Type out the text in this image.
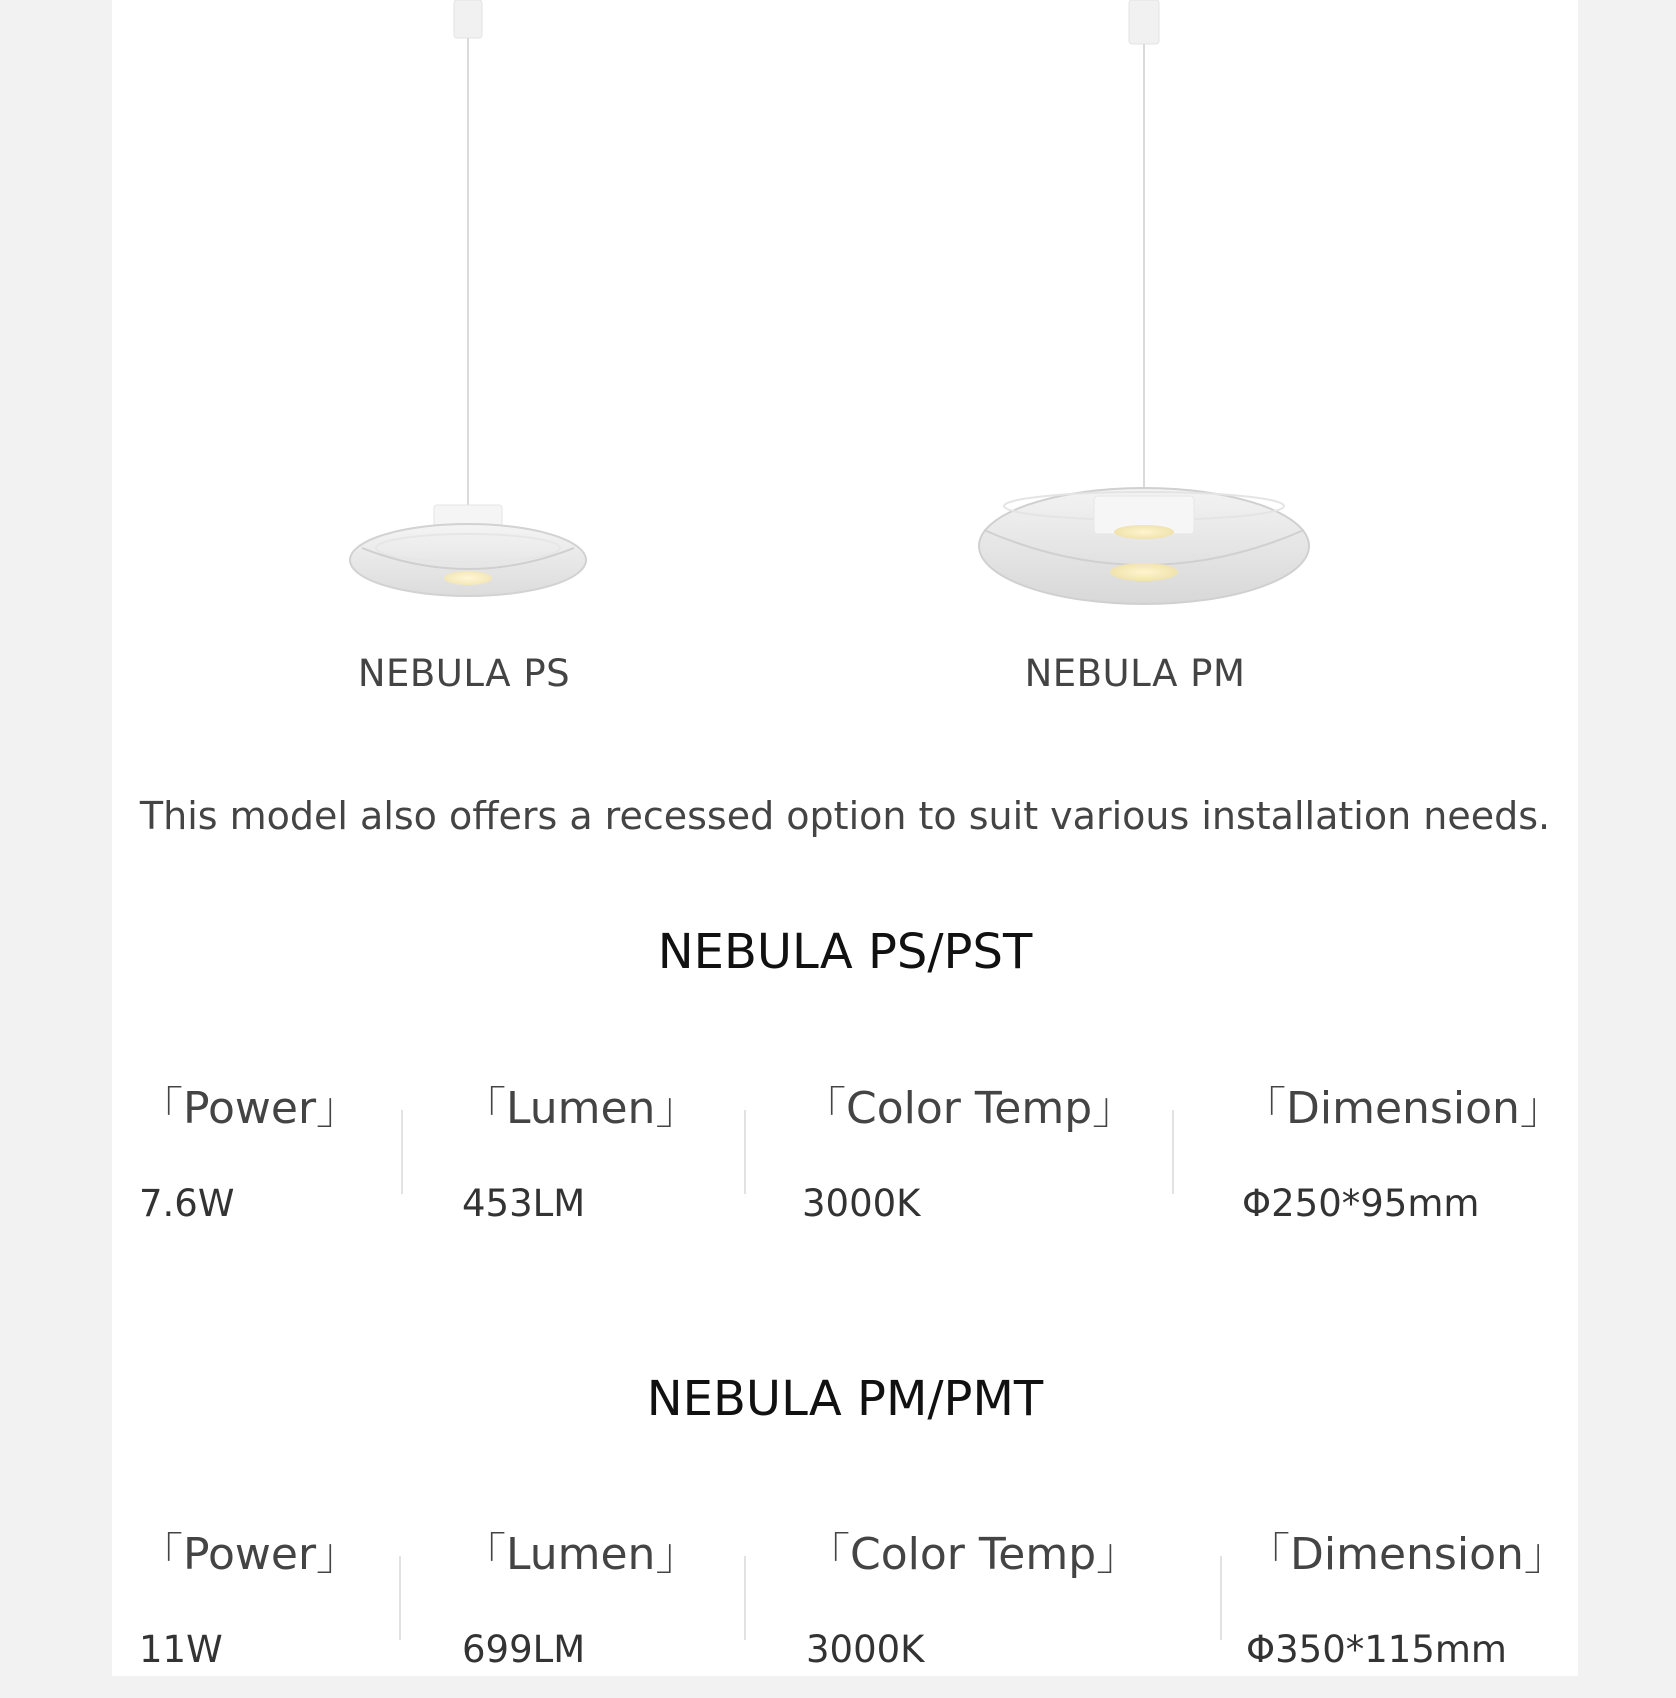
NEBULA PS	NEBULA PM
This model also offers a recessed option to suit various installation needs.
NEBULA PS/PST
「Power」
7.6W
「Lumen」
453LM
「Color Temp」
3000K
「Dimension」
Φ250*95mm
NEBULA PM/PMT
「Power」
11W
「Lumen」
699LM
「Color Temp」
3000K
「Dimension」
Φ350*115mm
